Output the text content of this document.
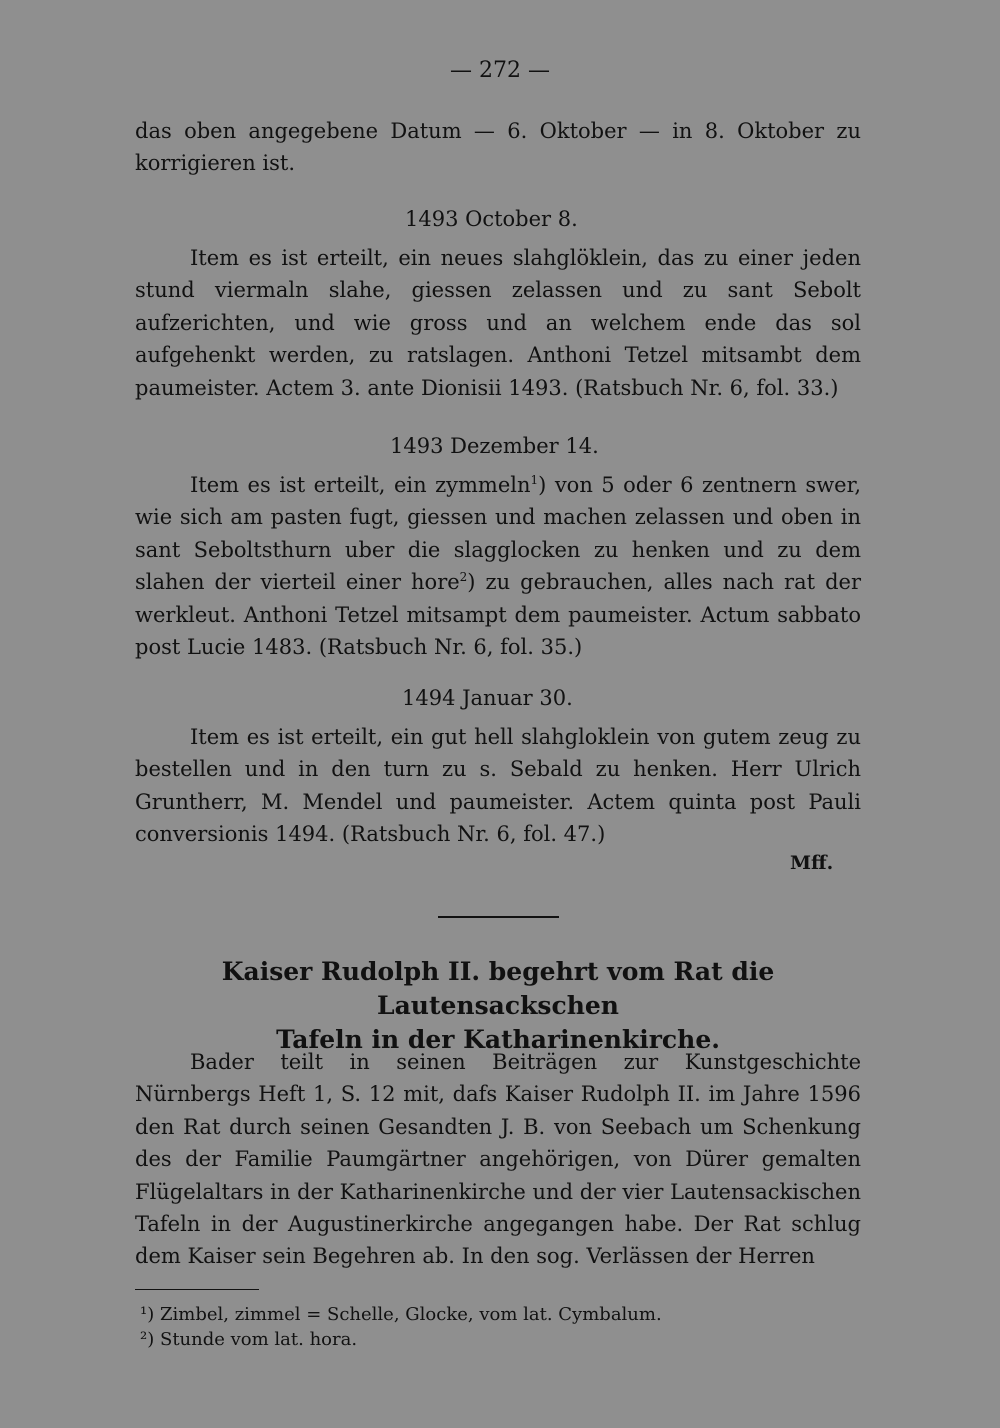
— 272 —

das oben angegebene Datum — 6. Oktober — in 8. Oktober zu korrigieren ist.

1493 October 8.

Item es ist erteilt, ein neues slahglöklein, das zu einer jeden stund viermaln slahe, giessen zelassen und zu sant Sebolt aufzerichten, und wie gross und an welchem ende das sol aufgehenkt werden, zu ratslagen. Anthoni Tetzel mitsambt dem paumeister. Actem 3. ante Dionisii 1493. (Ratsbuch Nr. 6, fol. 33.)

1493 Dezember 14.

Item es ist erteilt, ein zymmeln$^1$) von 5 oder 6 zentnern swer, wie sich am pasten fugt, giessen und machen zelassen und oben in sant Seboltsthurn uber die slagglocken zu henken und zu dem slahen der vierteil einer hore$^2$) zu gebrauchen, alles nach rat der werkleut. Anthoni Tetzel mitsampt dem paumeister. Actum sabbato post Lucie 1483. (Ratsbuch Nr. 6, fol. 35.)

1494 Januar 30.

Item es ist erteilt, ein gut hell slahgloklein von gutem zeug zu bestellen und in den turn zu s. Sebald zu henken. Herr Ulrich Gruntherr, M. Mendel und paumeister. Actem quinta post Pauli conversionis 1494. (Ratsbuch Nr. 6, fol. 47.)

Mff.
Kaiser Rudolph II. begehrt vom Rat die Lautensackschen
Tafeln in der Katharinenkirche.

Bader teilt in seinen Beiträgen zur Kunstgeschichte Nürnbergs Heft 1, S. 12 mit, dafs Kaiser Rudolph II. im Jahre 1596 den Rat durch seinen Gesandten J. B. von Seebach um Schenkung des der Familie Paumgärtner angehörigen, von Dürer gemalten Flügelaltars in der Katharinenkirche und der vier Lautensackischen Tafeln in der Augustinerkirche angegangen habe. Der Rat schlug dem Kaiser sein Begehren ab. In den sog. Verlässen der Herren

¹) Zimbel, zimmel = Schelle, Glocke, vom lat. Cymbalum.
²) Stunde vom lat. hora.
